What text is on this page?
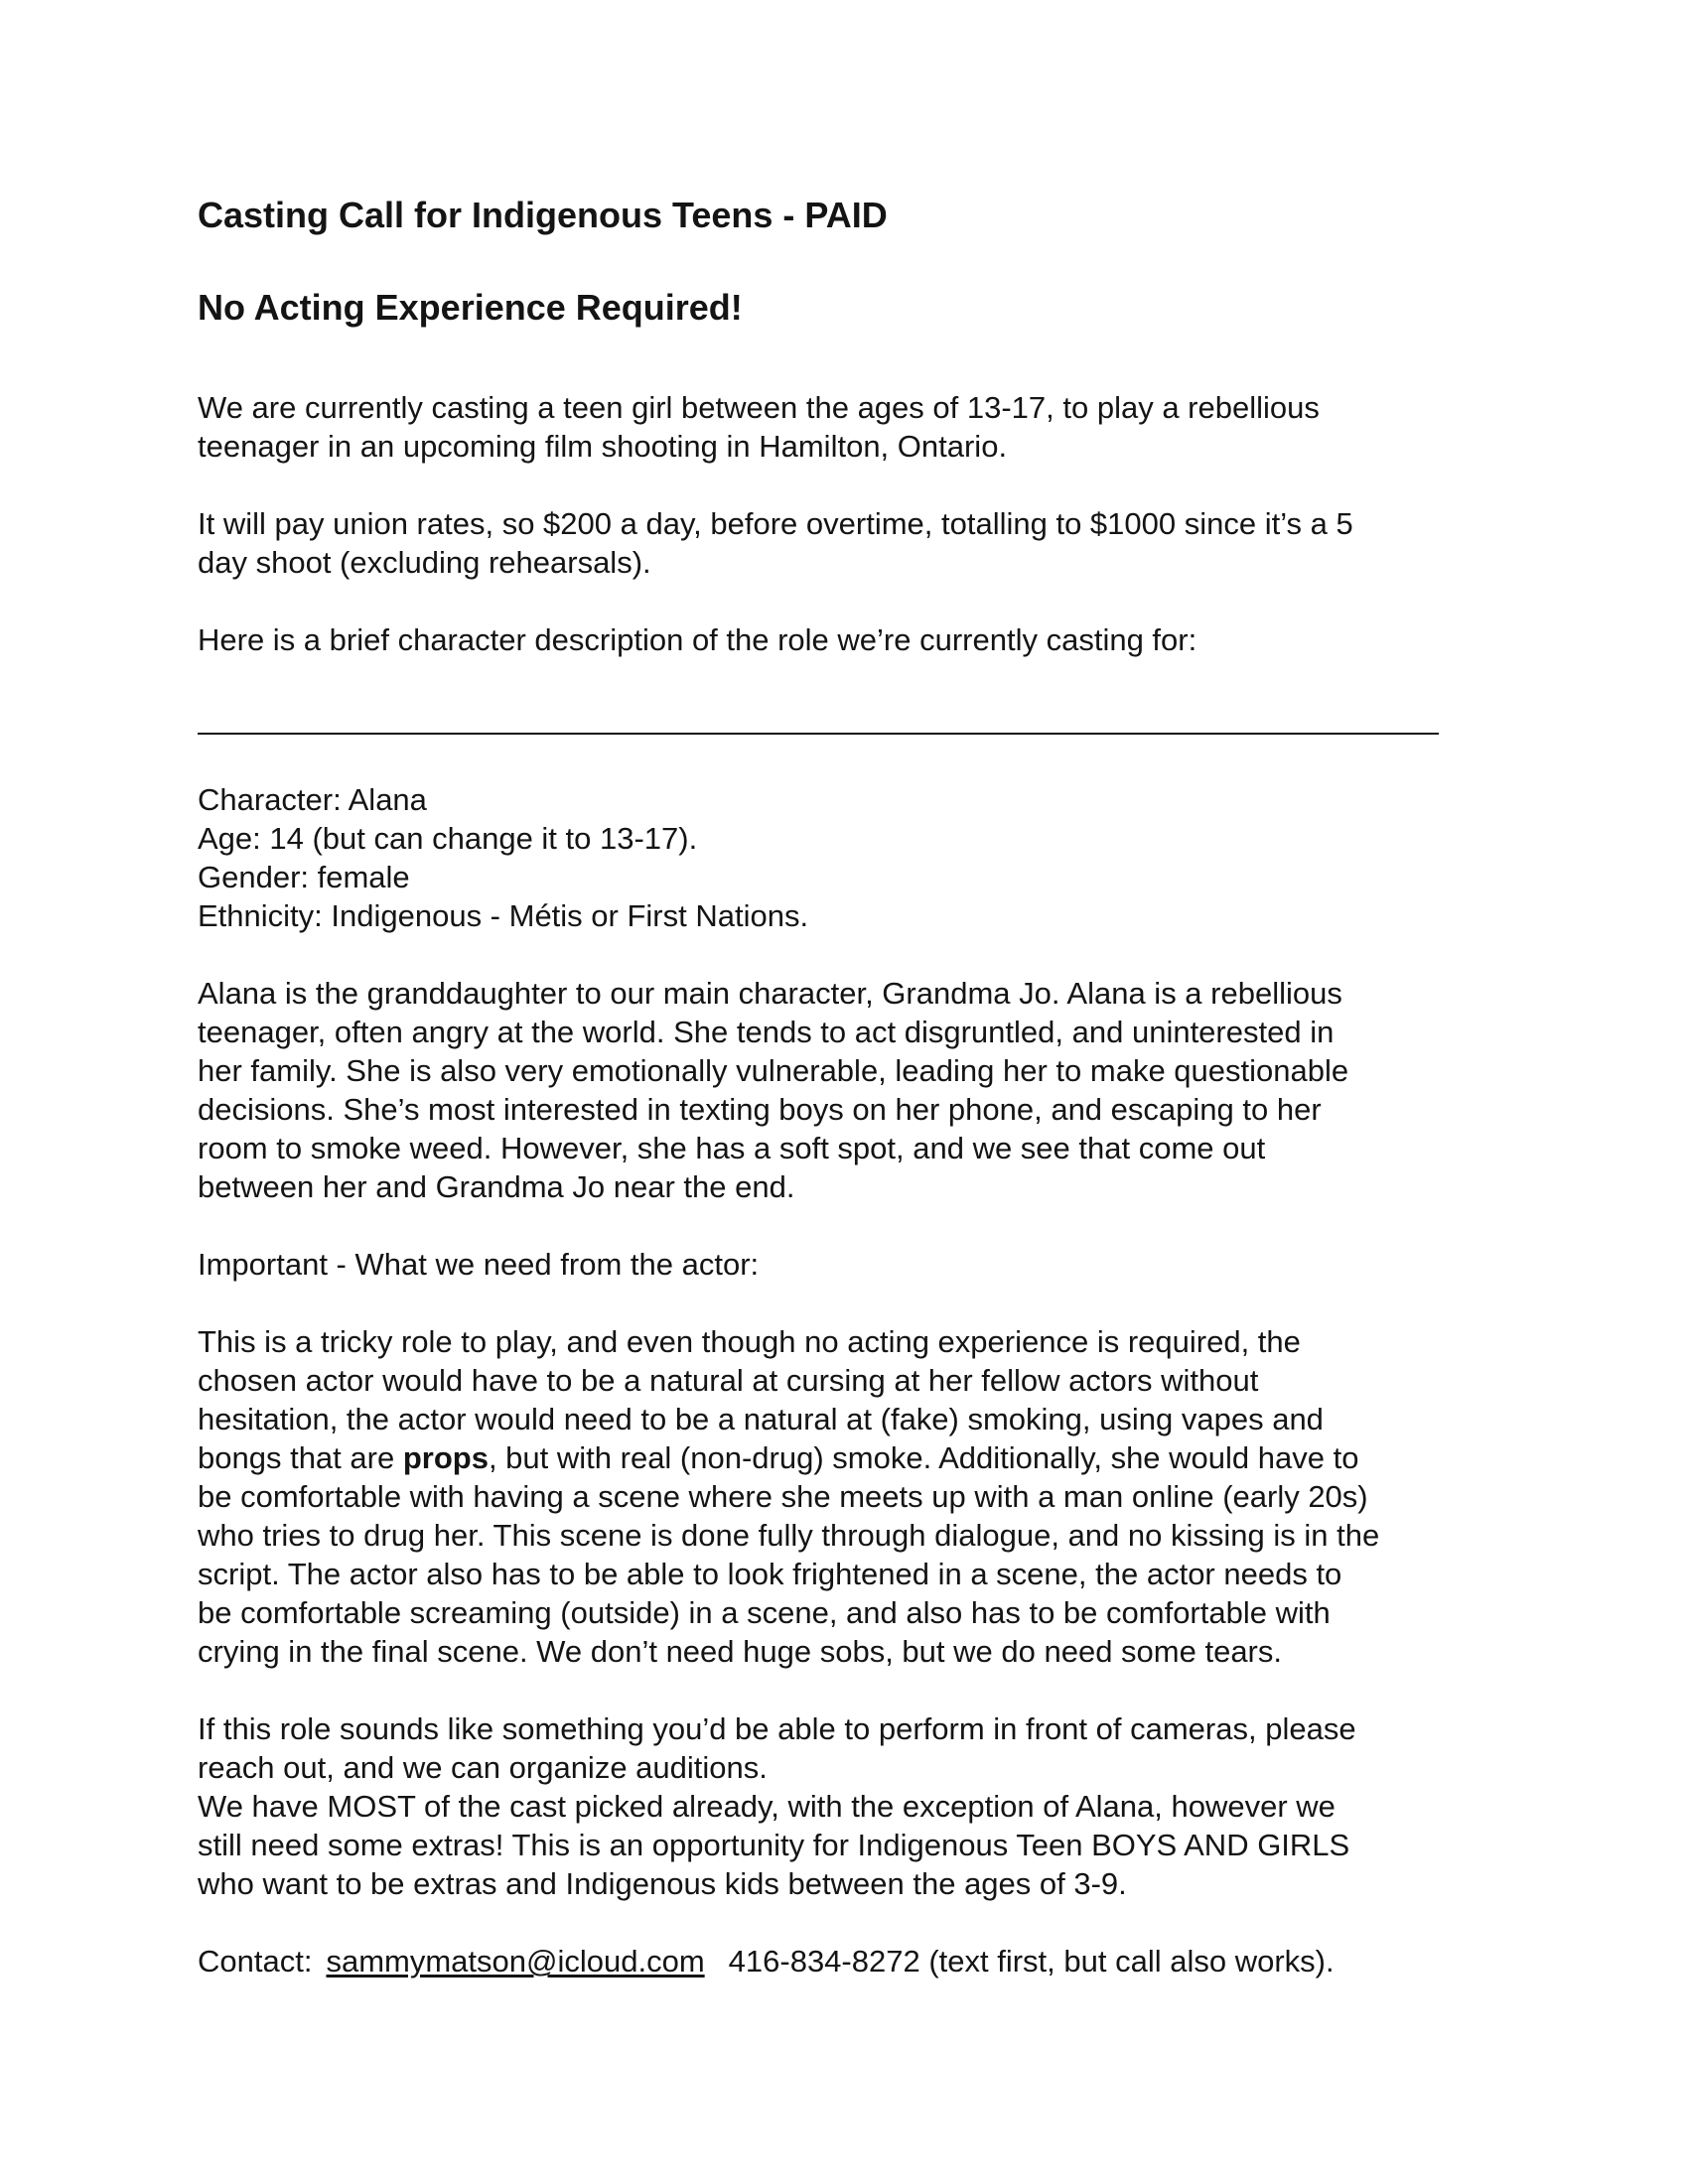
Casting Call for Indigenous Teens - PAID
No Acting Experience Required!

We are currently casting a teen girl between the ages of 13-17, to play a rebellious
teenager in an upcoming film shooting in Hamilton, Ontario.

It will pay union rates, so $200 a day, before overtime, totalling to $1000 since it’s a 5
day shoot (excluding rehearsals).

Here is a brief character description of the role we’re currently casting for:

Character: Alana
Age: 14 (but can change it to 13-17).
Gender: female
Ethnicity: Indigenous - Métis or First Nations.

Alana is the granddaughter to our main character, Grandma Jo. Alana is a rebellious
teenager, often angry at the world. She tends to act disgruntled, and uninterested in
her family. She is also very emotionally vulnerable, leading her to make questionable
decisions. She’s most interested in texting boys on her phone, and escaping to her
room to smoke weed. However, she has a soft spot, and we see that come out
between her and Grandma Jo near the end.

Important - What we need from the actor:

This is a tricky role to play, and even though no acting experience is required, the
chosen actor would have to be a natural at cursing at her fellow actors without
hesitation, the actor would need to be a natural at (fake) smoking, using vapes and
bongs that are props, but with real (non-drug) smoke. Additionally, she would have to
be comfortable with having a scene where she meets up with a man online (early 20s)
who tries to drug her. This scene is done fully through dialogue, and no kissing is in the
script. The actor also has to be able to look frightened in a scene, the actor needs to
be comfortable screaming (outside) in a scene, and also has to be comfortable with
crying in the final scene. We don’t need huge sobs, but we do need some tears.

If this role sounds like something you’d be able to perform in front of cameras, please
reach out, and we can organize auditions.
We have MOST of the cast picked already, with the exception of Alana, however we
still need some extras! This is an opportunity for Indigenous Teen BOYS AND GIRLS
who want to be extras and Indigenous kids between the ages of 3-9.

Contact: sammymatson@icloud.com 416-834-8272 (text first, but call also works).
